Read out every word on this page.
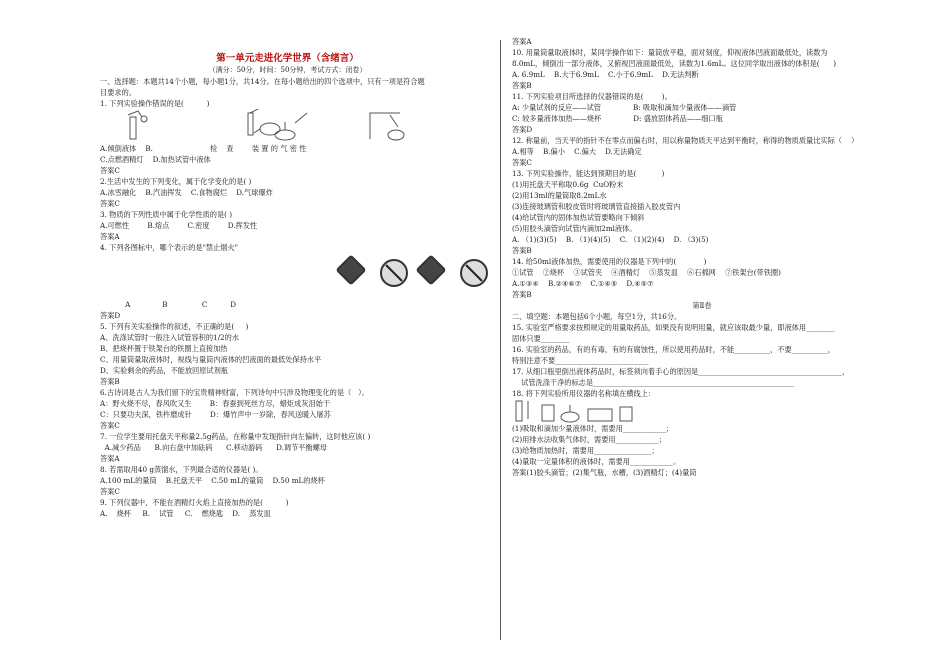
第一单元走进化学世界（含绪言）
（满分：50分，时间：50分钟，考试方式：闭卷）
一、选择题：本题共14个小题，每小题1分，共14分。在每小题给出的四个选项中，只有一项是符合题
目要求的。
1. 下列实验操作错误的是(          )
A.倾倒液体    B.                         检    查        装 置 的 气 密 性
C.点燃酒精灯    D.加热试管中液体
答案C
2.生活中发生的下列变化，属于化学变化的是( )
A.冰雪融化    B.汽油挥发    C.食物腐烂    D.气球爆炸
答案C
3. 物质的下列性质中属于化学性质的是( )
A.可燃性        B.熔点        C.密度        D.挥发性
答案A
4. 下列各图标中，哪个表示的是"禁止烟火"
A              B               C          D
答案D
5. 下列有关实验操作的叙述，不正确的是(     )
A、洗涤试管时一般注入试管容积的1/2的水
B、把烧杯置于铁架台的铁圈上直接加热
C、用量筒量取液体时，视线与量筒内液体的凹液面的最低处保持水平
D、实验剩余的药品，不能放回原试剂瓶
答案B
6.古诗词是古人为我们留下的宝贵精神财富，下列诗句中只涉及物理变化的是（   ）。
A：野火烧不尽，春风吹又生        B：春蚕到死丝方尽，蜡炬成灰泪始干
C：只要功夫深，铁杵磨成针        D：爆竹声中一岁除，春风送暖入屠苏
答案C
7. 一位学生要用托盘天平称量2.5g药品，在称量中发现指针向左偏转，这时他应该( )
A.减少药品      B.向右盘中加砝码      C.移动游码      D.调节平衡螺母
答案A
8. 若需取用40 g蒸馏水，下列最合适的仪器是( )。
A.100 mL的量筒    B.托盘天平    C.50 mL的量筒    D.50 mL的烧杯
答案C
9. 下列仪器中，不能在酒精灯火焰上直接加热的是(          )
A.    烧杯     B.    试管     C.    燃烧匙    D.    蒸发皿
答案A
10. 用量筒量取液体时，某同学操作如下：量筒放平稳，面对刻度，仰视液体凹液面最低处，读数为
8.0mL，倾倒出一部分液体，又俯视凹液面最低处，读数为1.6mL。这位同学取出液体的体积是(      )
A. 6.9mL    B.大于6.9mL    C.小于6.9mL    D.无法判断
答案B
11. 下列实验项目所选择的仪器错误的是(        )。
A: 少量试剂的反应——试管              B: 吸取和滴加少量液体——滴管
C: 较多量液体加热——烧杯              D: 盛放固体药品——细口瓶
答案D
12. 称量前，当天平的指针不在零点而偏右时，用以称量物质天平达到平衡时，称得的物质质量比实际（    ）
A.相等    B.偏小    C.偏大    D.无法确定
答案C
13. 下列实验操作，能达到预期目的是(           )
(1)用托盘天平称取0.6g  CuO粉末
(2)用13ml的量筒取8.2mL水
(3)连接玻璃管和胶皮管时将玻璃管直接插入胶皮管内
(4)给试管内的固体加热试管要略向下倾斜
(5)用胶头滴管向试管内滴加2ml液体。
A. （1)(3)(5)    B. （1)(4)(5)    C. （1)(2)(4)    D. （3)(5)
答案B
14. 给50ml液体加热，需要使用的仪器是下列中的(            )
①试管    ②烧杯    ③试管夹    ④酒精灯    ⑤蒸发皿    ⑥石棉网    ⑦铁架台(带铁圈)
A.①③④    B.②④⑥⑦    C.①④⑤    D.④⑤⑦
答案B
第Ⅱ卷
二、填空题：本题包括6个小题，每空1分，共16分。
15. 实验室严格要求按照规定的用量取药品，如果没有说明用量，就应该取最少量，即液体用________
固体只要________
16. 实验室的药品，有的有毒，有的有腐蚀性，所以使用药品时，不能__________，不要__________，
特别注意不要__________________________
17. 从细口瓶里倒出液体药品时，标签须向着手心的原因是________________________________________，
试管洗涤干净的标志是________________________________________________________
18. 将下列实验所用仪器的名称填在横线上：
(1)吸取和滴加少量液体时，需要用____________；
(2)用排水法收集气体时，需要用____________；
(3)给物质加热时，需要用________________；
(4)量取一定量体积的液体时，需要用____________。
答案(1)胶头滴管；(2)集气瓶，水槽，(3)酒精灯；(4)量筒
